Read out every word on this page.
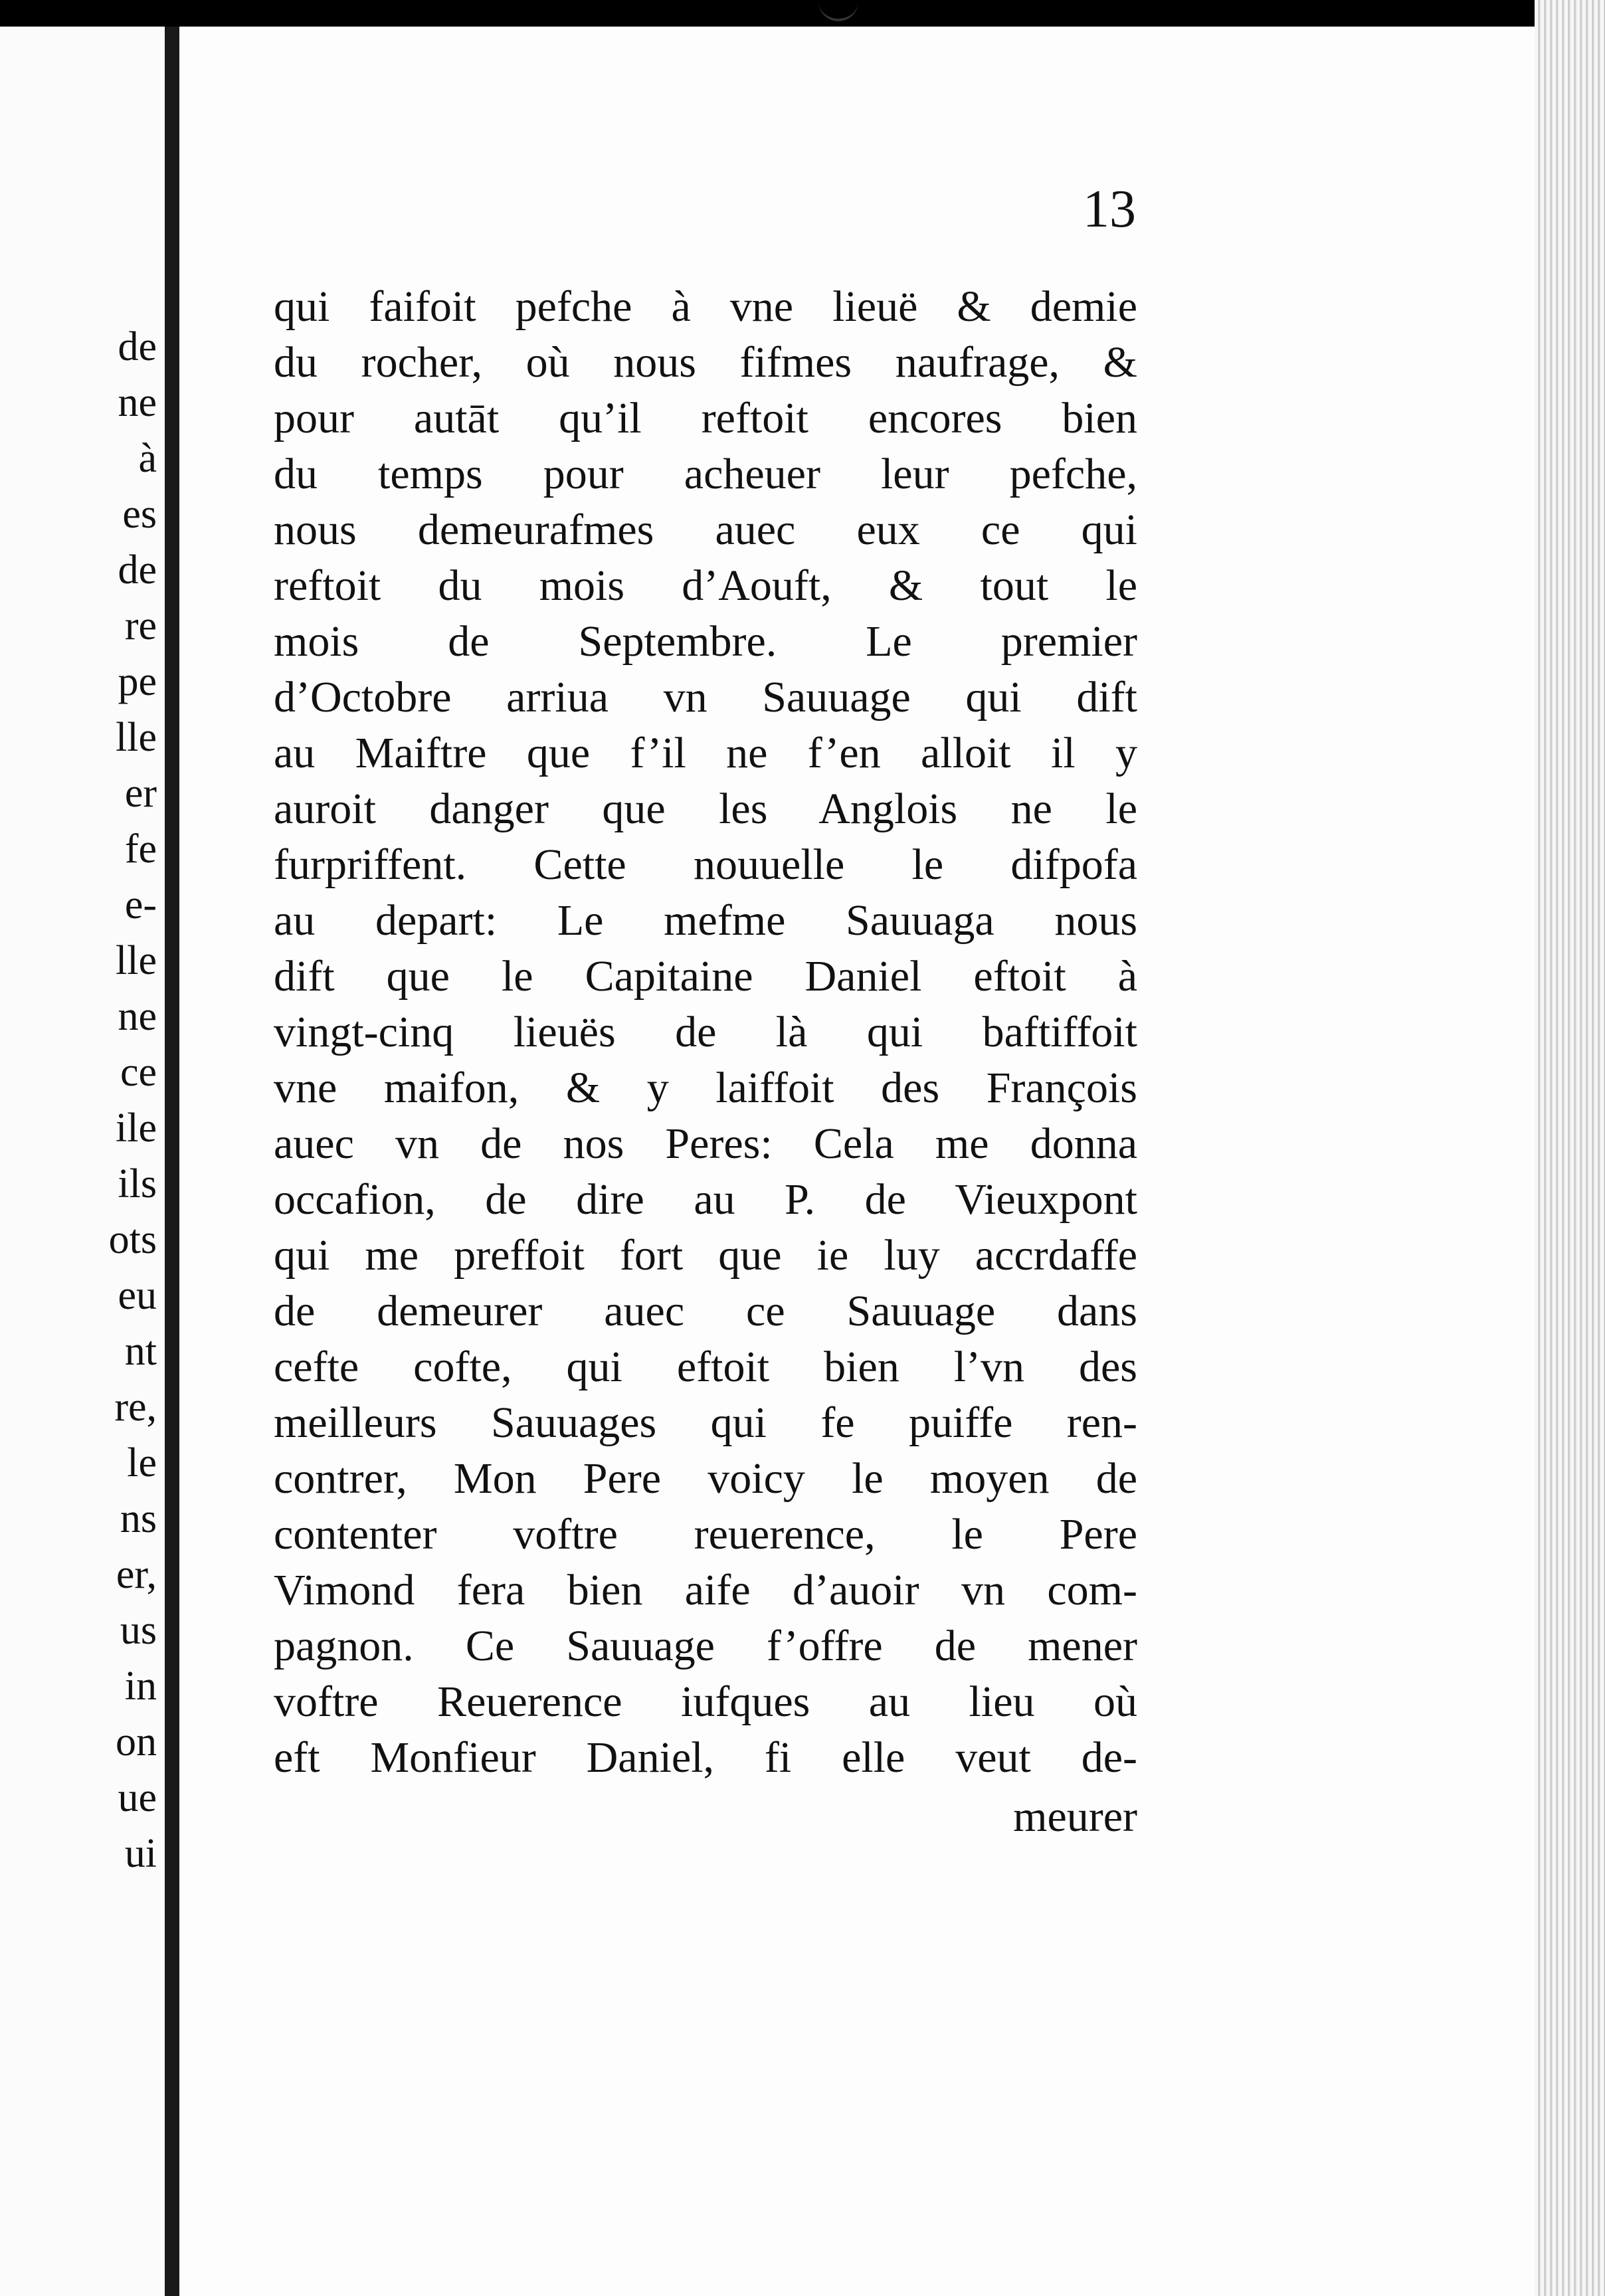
de
ne
à
es
de
re
pe
lle
er
fe
e-
lle
ne
ce
ile
ils
ots
eu
nt
re,
le
ns
er,
us
in
on
ue
ui
13
qui faifoit pefche à vne lieuë & demie
du rocher, où nous fifmes naufrage, &
pour autāt qu’il reftoit encores bien
du temps pour acheuer leur pefche,
nous demeurafmes auec eux ce qui
reftoit du mois d’Aouft, & tout le
mois de Septembre. Le premier
d’Octobre arriua vn Sauuage qui dift
au Maiftre que f’il ne f’en alloit il y
auroit danger que les Anglois ne le
furpriffent. Cette nouuelle le difpofa
au depart: Le mefme Sauuaga nous
dift que le Capitaine Daniel eftoit à
vingt-cinq lieuës de là qui baftiffoit
vne maifon, & y laiffoit des François
auec vn de nos Peres: Cela me donna
occafion, de dire au P. de Vieuxpont
qui me preffoit fort que ie luy accrdaffe
de demeurer auec ce Sauuage dans
cefte cofte, qui eftoit bien l’vn des
meilleurs Sauuages qui fe puiffe ren-
contrer, Mon Pere voicy le moyen de
contenter voftre reuerence, le Pere
Vimond fera bien aife d’auoir vn com-
pagnon. Ce Sauuage f’offre de mener
voftre Reuerence iufques au lieu où
eft Monfieur Daniel, fi elle veut de-
meurer
